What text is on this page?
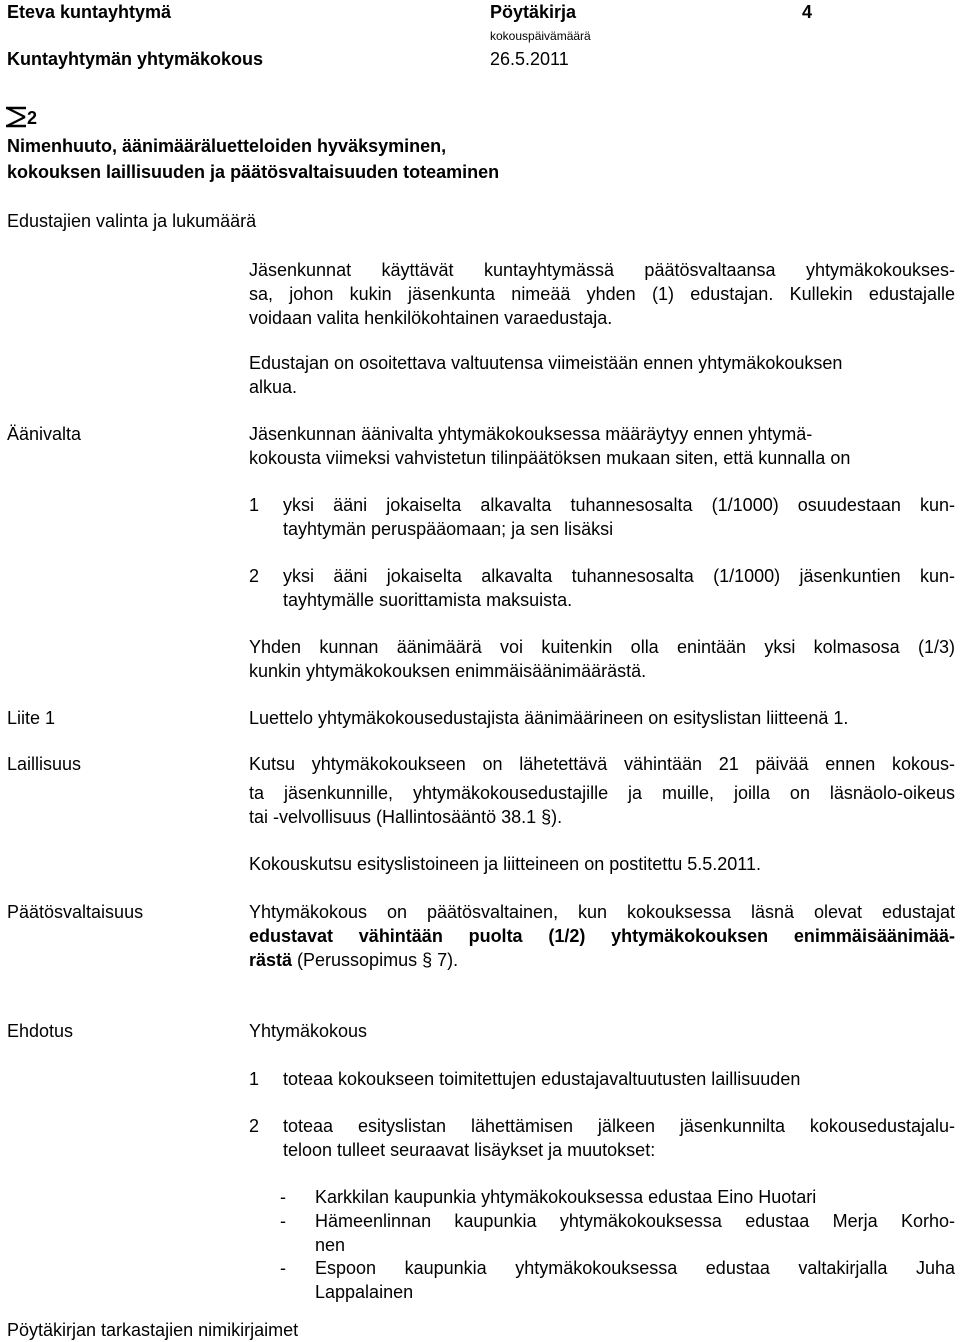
Eteva kuntayhtymä	Pöytäkirja	4
Kuntayhtymän yhtymäkokous
kokouspäivämäärä
26.5.2011
2
Nimenhuuto, äänimääräluetteloiden hyväksyminen,
kokouksen laillisuuden ja päätösvaltaisuuden toteaminen
Edustajien valinta ja lukumäärä
Jäsenkunnat käyttävät kuntayhtymässä päätösvaltaansa yhtymäkokoukses-
sa, johon kukin jäsenkunta nimeää yhden (1) edustajan. Kullekin edustajalle
voidaan valita henkilökohtainen varaedustaja.
Edustajan on osoitettava valtuutensa viimeistään ennen yhtymäkokouksen
alkua.
Äänivalta	Jäsenkunnan äänivalta yhtymäkokouksessa määräytyy ennen yhtymä-
kokousta viimeksi vahvistetun tilinpäätöksen mukaan siten, että kunnalla on
1 yksi ääni jokaiselta alkavalta tuhannesosalta (1/1000) osuudestaan kun-
tayhtymän peruspääomaan; ja sen lisäksi
2 yksi ääni jokaiselta alkavalta tuhannesosalta (1/1000) jäsenkuntien kun-
tayhtymälle suorittamista maksuista.
Yhden kunnan äänimäärä voi kuitenkin olla enintään yksi kolmasosa (1/3)
kunkin yhtymäkokouksen enimmäisäänimäärästä.
Liite 1	Luettelo yhtymäkokousedustajista äänimäärineen on esityslistan liitteenä 1.
Laillisuus	Kutsu yhtymäkokoukseen on lähetettävä vähintään 21 päivää ennen kokous-
ta jäsenkunnille, yhtymäkokousedustajille ja muille, joilla on läsnäolo-oikeus
tai -velvollisuus (Hallintosääntö 38.1 §).
Kokouskutsu esityslistoineen ja liitteineen on postitettu 5.5.2011.
Päätösvaltaisuus	Yhtymäkokous on päätösvaltainen, kun kokouksessa läsnä olevat edustajat
edustavat vähintään puolta (1/2) yhtymäkokouksen enimmäisäänimää-
rästä (Perussopimus § 7).
Ehdotus	Yhtymäkokous
1 toteaa kokoukseen toimitettujen edustajavaltuutusten laillisuuden
2 toteaa esityslistan lähettämisen jälkeen jäsenkunnilta kokousedustajalu-
teloon tulleet seuraavat lisäykset ja muutokset:
- Karkkilan kaupunkia yhtymäkokouksessa edustaa Eino Huotari
- Hämeenlinnan kaupunkia yhtymäkokouksessa edustaa Merja Korho-
nen
- Espoon kaupunkia yhtymäkokouksessa edustaa valtakirjalla Juha
Lappalainen
Pöytäkirjan tarkastajien nimikirjaimet
